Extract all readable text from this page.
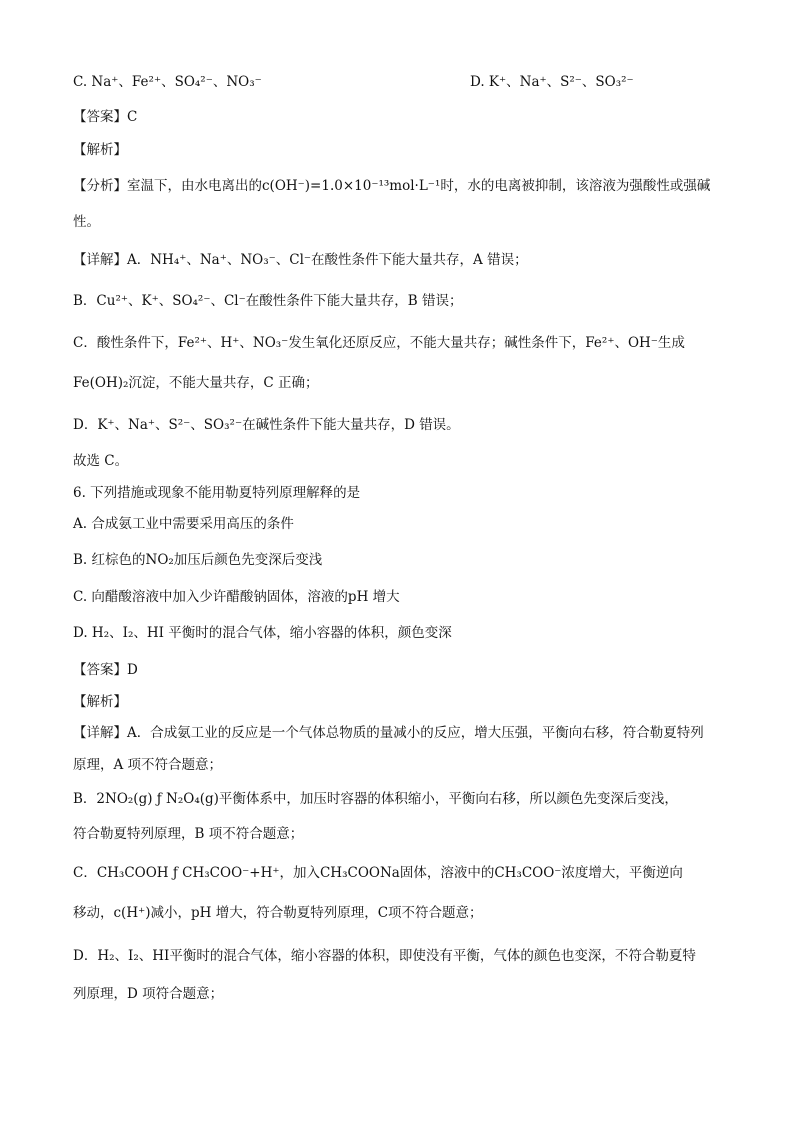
C. Na⁺、Fe²⁺、SO₄²⁻、NO₃⁻	D. K⁺、Na⁺、S²⁻、SO₃²⁻
【答案】C
【解析】
【分析】室温下，由水电离出的c(OH⁻)=1.0×10⁻¹³mol·L⁻¹时，水的电离被抑制，该溶液为强酸性或强碱
性。
【详解】A．NH₄⁺、Na⁺、NO₃⁻、Cl⁻在酸性条件下能大量共存，A 错误；
B．Cu²⁺、K⁺、SO₄²⁻、Cl⁻在酸性条件下能大量共存，B 错误；
C．酸性条件下，Fe²⁺、H⁺、NO₃⁻发生氧化还原反应，不能大量共存；碱性条件下，Fe²⁺、OH⁻生成
Fe(OH)₂沉淀，不能大量共存，C 正确；
D．K⁺、Na⁺、S²⁻、SO₃²⁻在碱性条件下能大量共存，D 错误。
故选 C。
6. 下列措施或现象不能用勒夏特列原理解释的是
A. 合成氨工业中需要采用高压的条件
B. 红棕色的NO₂加压后颜色先变深后变浅
C. 向醋酸溶液中加入少许醋酸钠固体，溶液的pH 增大
D. H₂、I₂、HI 平衡时的混合气体，缩小容器的体积，颜色变深
【答案】D
【解析】
【详解】A．合成氨工业的反应是一个气体总物质的量减小的反应，增大压强，平衡向右移，符合勒夏特列
原理，A 项不符合题意；
B．2NO₂(g) ƒ N₂O₄(g)平衡体系中，加压时容器的体积缩小，平衡向右移，所以颜色先变深后变浅，
符合勒夏特列原理，B 项不符合题意；
C．CH₃COOH ƒ CH₃COO⁻+H⁺，加入CH₃COONa固体，溶液中的CH₃COO⁻浓度增大，平衡逆向
移动，c(H⁺)减小，pH 增大，符合勒夏特列原理，C项不符合题意；
D．H₂、I₂、HI平衡时的混合气体，缩小容器的体积，即使没有平衡，气体的颜色也变深，不符合勒夏特
列原理，D 项符合题意；
